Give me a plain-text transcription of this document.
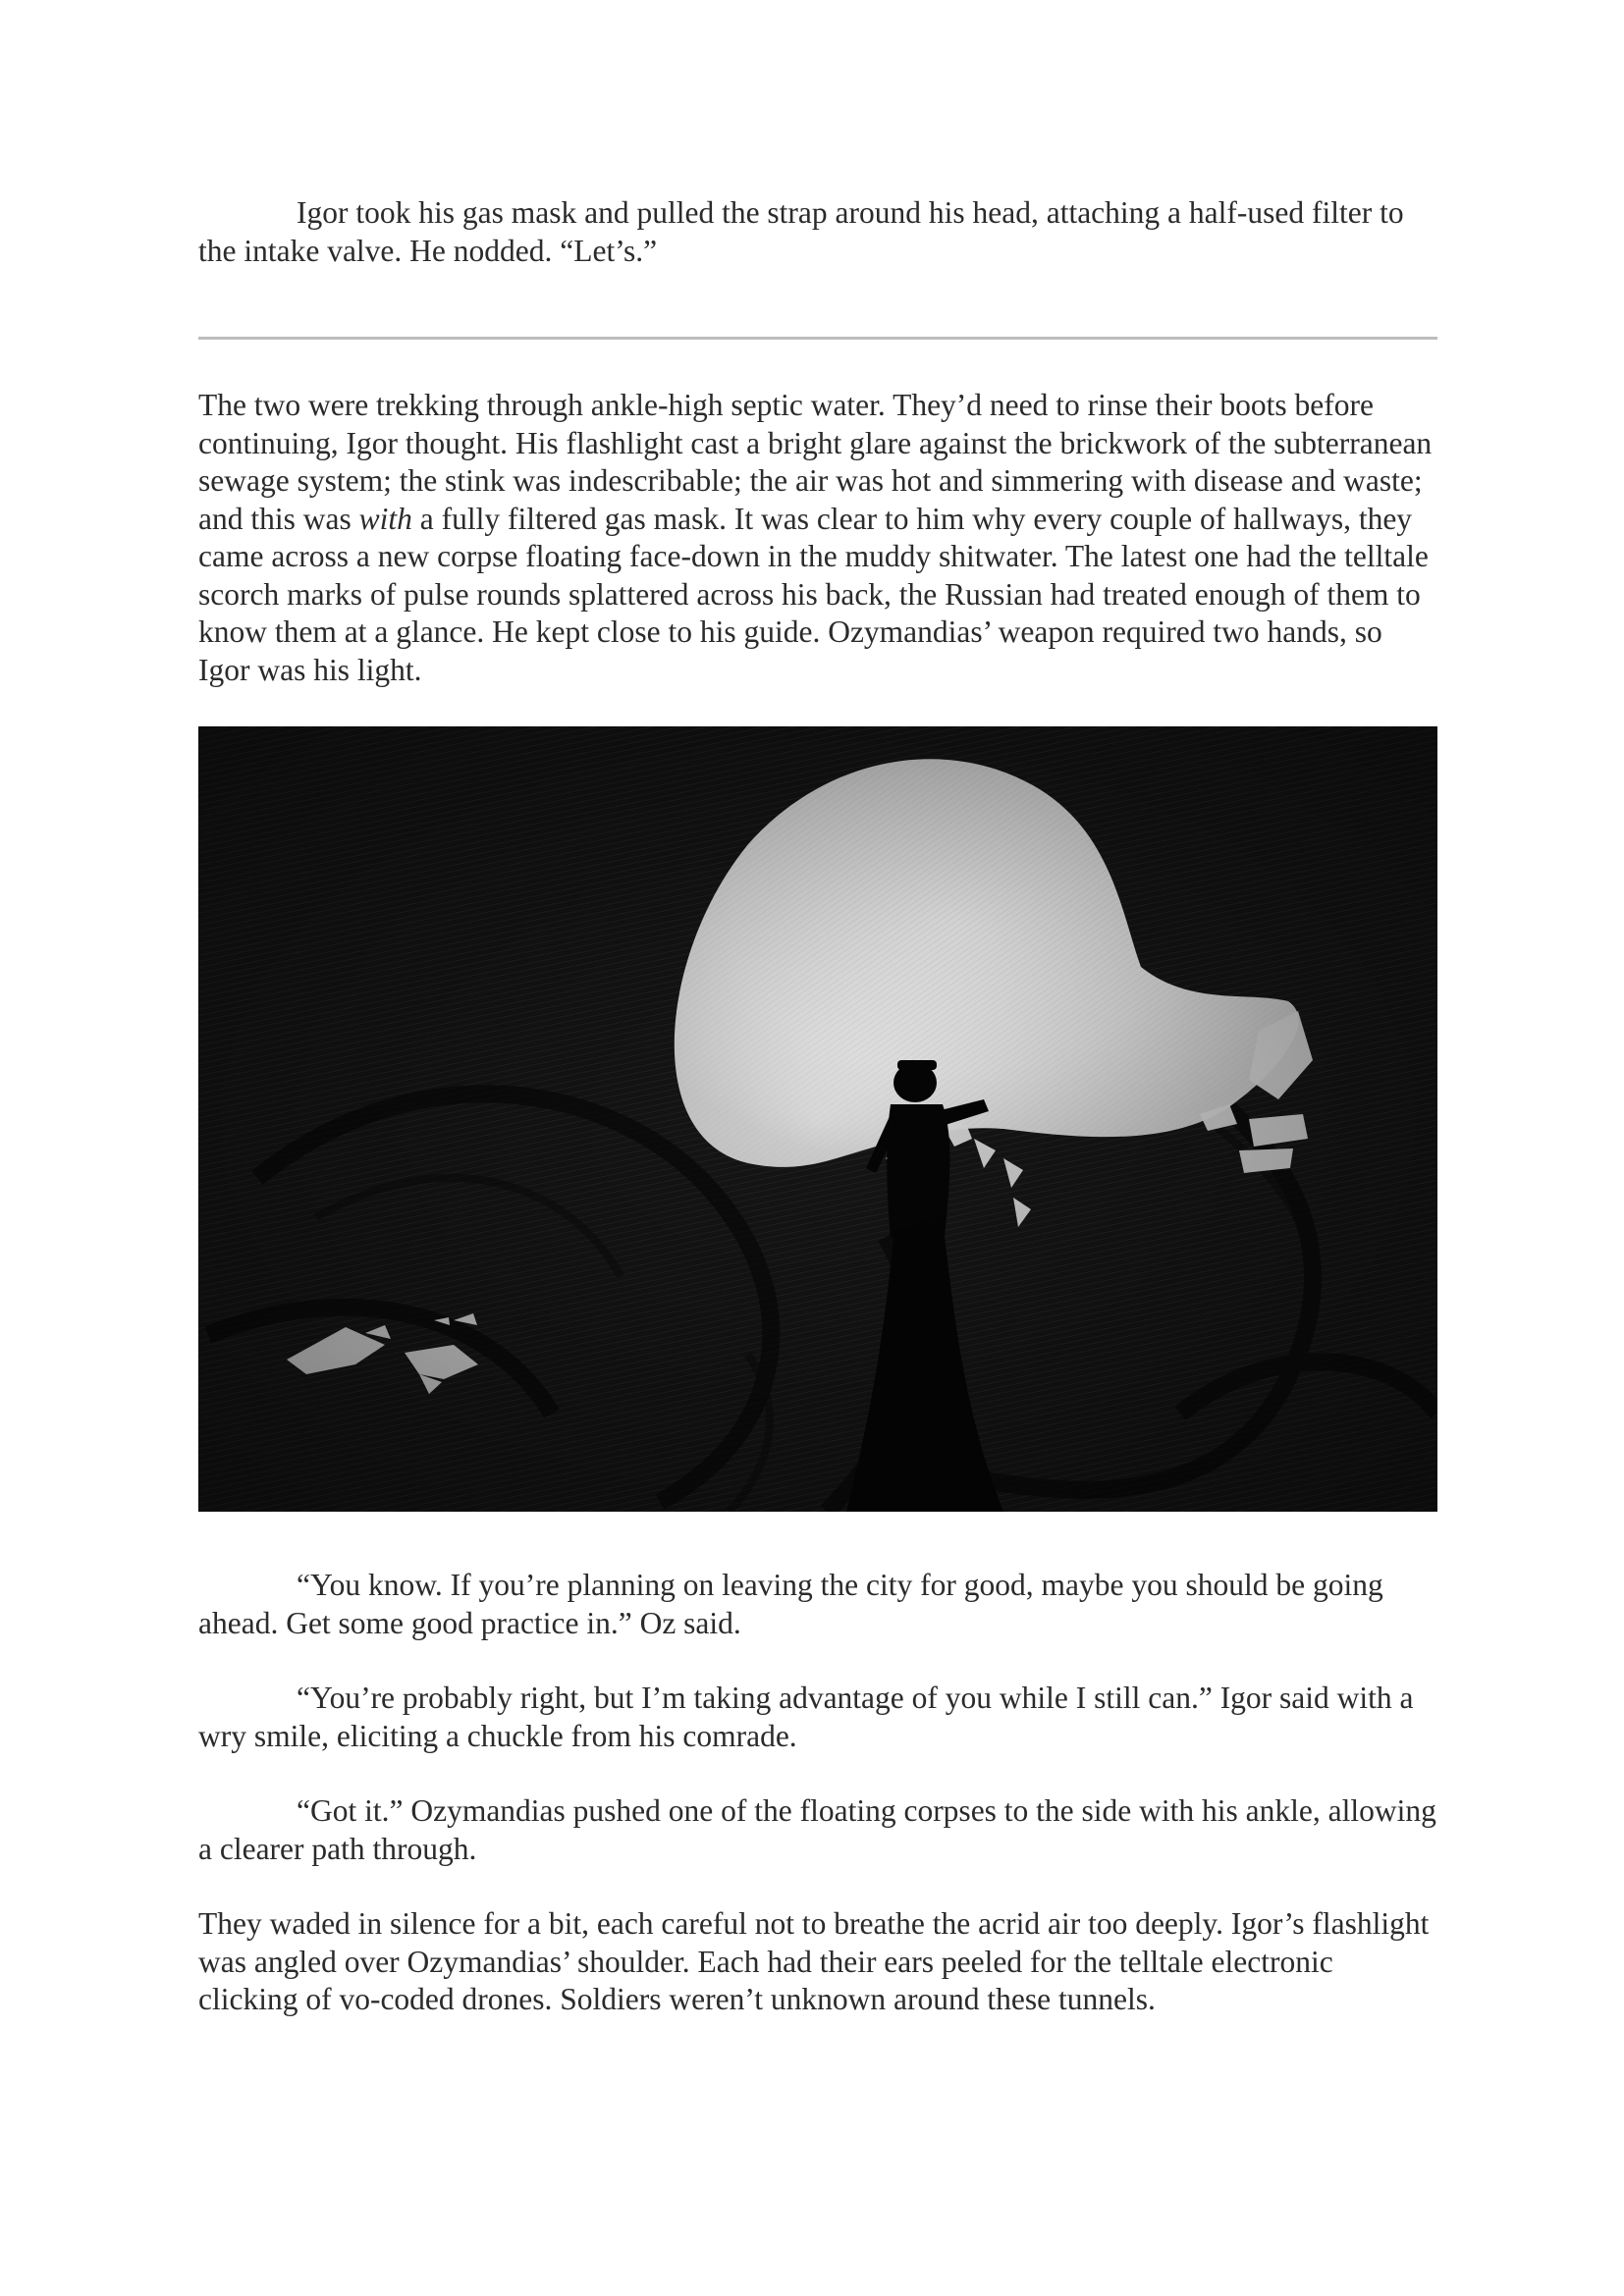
Igor took his gas mask and pulled the strap around his head, attaching a half-used filter to the intake valve. He nodded. “Let’s.”

The two were trekking through ankle-high septic water. They’d need to rinse their boots before continuing, Igor thought. His flashlight cast a bright glare against the brickwork of the subterranean sewage system; the stink was indescribable; the air was hot and simmering with disease and waste; and this was with a fully filtered gas mask. It was clear to him why every couple of hallways, they came across a new corpse floating face-down in the muddy shitwater. The latest one had the telltale scorch marks of pulse rounds splattered across his back, the Russian had treated enough of them to know them at a glance. He kept close to his guide. Ozymandias’ weapon required two hands, so Igor was his light.

“You know. If you’re planning on leaving the city for good, maybe you should be going ahead. Get some good practice in.” Oz said.

“You’re probably right, but I’m taking advantage of you while I still can.” Igor said with a wry smile, eliciting a chuckle from his comrade.

“Got it.” Ozymandias pushed one of the floating corpses to the side with his ankle, allowing a clearer path through.

They waded in silence for a bit, each careful not to breathe the acrid air too deeply. Igor’s flashlight was angled over Ozymandias’ shoulder. Each had their ears peeled for the telltale electronic clicking of vo-coded drones. Soldiers weren’t unknown around these tunnels.
